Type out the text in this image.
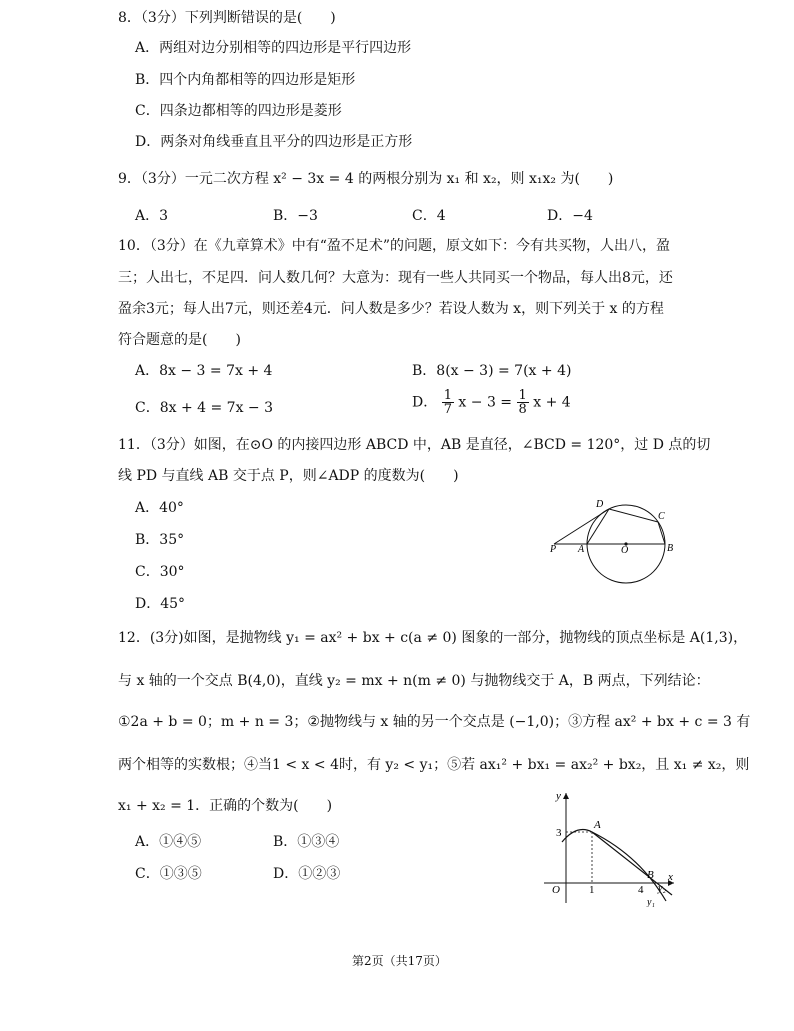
8．（3分）下列判断错误的是(　　)
A．两组对边分别相等的四边形是平行四边形
B．四个内角都相等的四边形是矩形
C．四条边都相等的四边形是菱形
D．两条对角线垂直且平分的四边形是正方形
9．（3分）一元二次方程 x² − 3x = 4 的两根分别为 x₁ 和 x₂，则 x₁x₂ 为(　　)
A．3	B．−3	C．4	D．−4
10．（3分）在《九章算术》中有“盈不足术”的问题，原文如下：今有共买物，人出八，盈
三；人出七，不足四．问人数几何？大意为：现有一些人共同买一个物品，每人出8元，还
盈余3元；每人出7元，则还差4元．问人数是多少？若设人数为 x，则下列关于 x 的方程
符合题意的是(　　)
A．8x − 3 = 7x + 4	B．8(x − 3) = 7(x + 4)
C．8x + 4 = 7x − 3	D． $\frac{1}{7}$ $x - 3 = \frac{1}{8}$ x + 4
11．（3分）如图，在⊙O 的内接四边形 ABCD 中，AB 是直径，∠BCD = 120°，过 D 点的切
线 PD 与直线 AB 交于点 P，则∠ADP 的度数为(　　)
A．40°
B．35°
C．30°
D．45°
P A	O	B
C
D
12．(3分)如图，是抛物线 y₁ = ax² + bx + c(a ≠ 0) 图象的一部分，抛物线的顶点坐标是 A(1,3)，
与 x 轴的一个交点 B(4,0)，直线 y₂ = mx + n(m ≠ 0) 与抛物线交于 A，B 两点，下列结论：
①2a + b = 0；m + n = 3；②抛物线与 x 轴的另一个交点是 (−1,0)；③方程 ax² + bx + c = 3 有
两个相等的实数根；④当1 < x < 4时，有 y₂ < y₁；⑤若 ax₁² + bx₁ = ax₂² + bx₂，且 x₁ ≠ x₂，则
x₁ + x₂ = 1．正确的个数为(　　)
A．①④⑤	B．①③④
C．①③⑤	D．①②③
y
x
O	1
3
4
A
B
y₁
y₂
第2页（共17页）
